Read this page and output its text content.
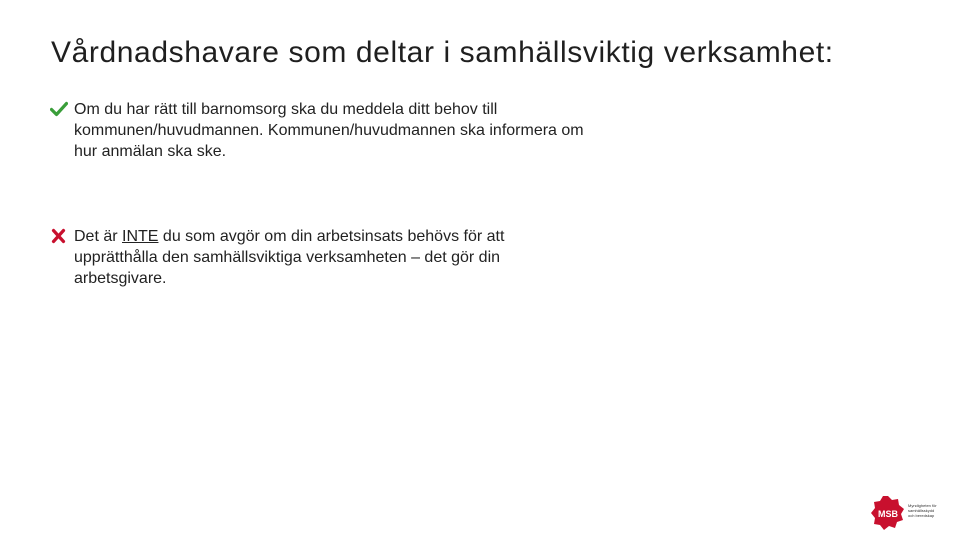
Vårdnadshavare som deltar i samhällsviktig verksamhet:
Om du har rätt till barnomsorg ska du meddela ditt behov till kommunen/huvudmannen. Kommunen/huvudmannen ska informera om hur anmälan ska ske.
Det är INTE du som avgör om din arbetsinsats behövs för att upprätthålla den samhällsviktiga verksamheten – det gör din arbetsgivare.
MSB
Myndigheten för
samhällsskydd
och beredskap
